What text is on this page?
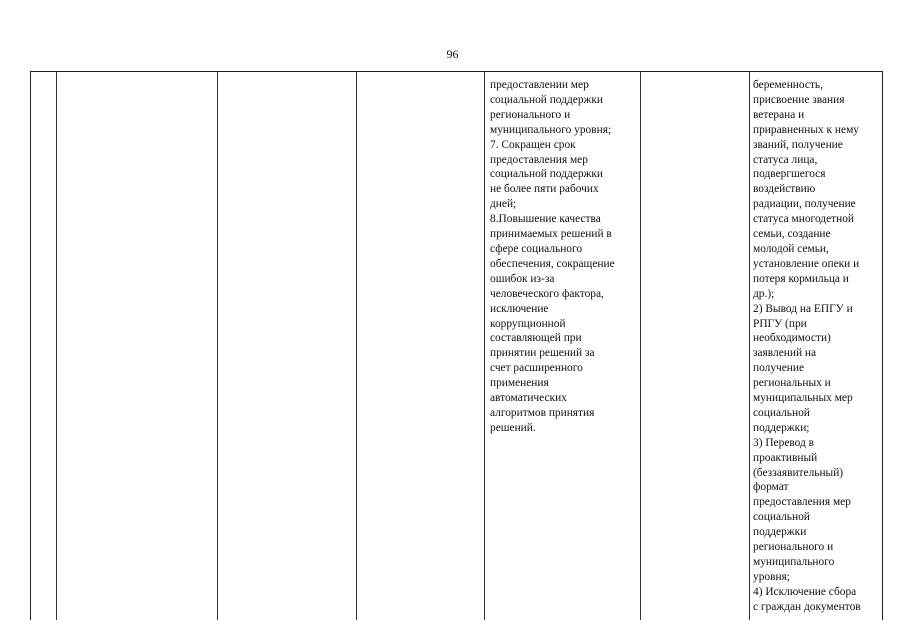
96

предоставлении мер
социальной поддержки
регионального и
муниципального уровня;
7. Сокращен срок
предоставления мер
социальной поддержки
не более пяти рабочих
дней;
8.Повышение качества
принимаемых решений в
сфере социального
обеспечения, сокращение
ошибок из-за
человеческого фактора,
исключение
коррупционной
составляющей при
принятии решений за
счет расширенного
применения
автоматических
алгоритмов принятия
решений.

беременность,
присвоение звания
ветерана и
приравненных к нему
званий, получение
статуса лица,
подвергшегося
воздействию
радиации, получение
статуса многодетной
семьи, создание
молодой семьи,
установление опеки и
потеря кормильца и
др.);
2) Вывод на ЕПГУ и
РПГУ (при
необходимости)
заявлений на
получение
региональных и
муниципальных мер
социальной
поддержки;
3) Перевод в
проактивный
(беззаявительный)
формат
предоставления мер
социальной
поддержки
регионального и
муниципального
уровня;
4) Исключение сбора
с граждан документов
